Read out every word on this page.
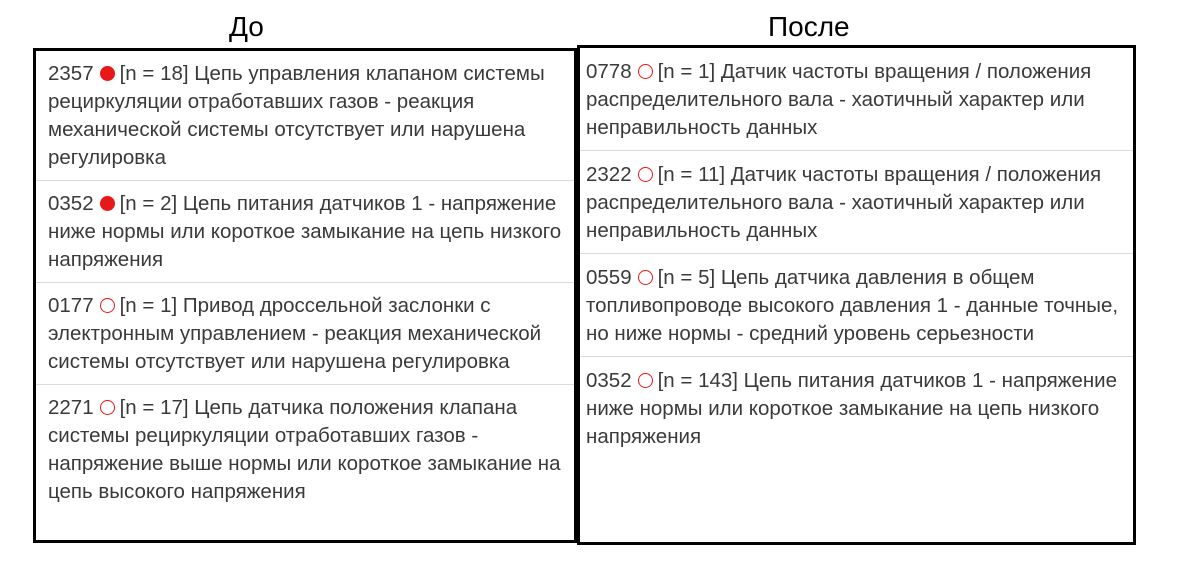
До	После
2357 [n = 18] Цепь управления клапаном системы рециркуляции отработавших газов - реакция механической системы отсутствует или нарушена регулировка
0352 [n = 2] Цепь питания датчиков 1 - напряжение ниже нормы или короткое замыкание на цепь низкого напряжения
0177 [n = 1] Привод дроссельной заслонки с электронным управлением - реакция механической системы отсутствует или нарушена регулировка
2271 [n = 17] Цепь датчика положения клапана системы рециркуляции отработавших газов - напряжение выше нормы или короткое замыкание на цепь высокого напряжения
0778 [n = 1] Датчик частоты вращения / положения распределительного вала - хаотичный характер или неправильность данных
2322 [n = 11] Датчик частоты вращения / положения распределительного вала - хаотичный характер или неправильность данных
0559 [n = 5] Цепь датчика давления в общем топливопроводе высокого давления 1 - данные точные, но ниже нормы - средний уровень серьезности
0352 [n = 143] Цепь питания датчиков 1 - напряжение ниже нормы или короткое замыкание на цепь низкого напряжения
